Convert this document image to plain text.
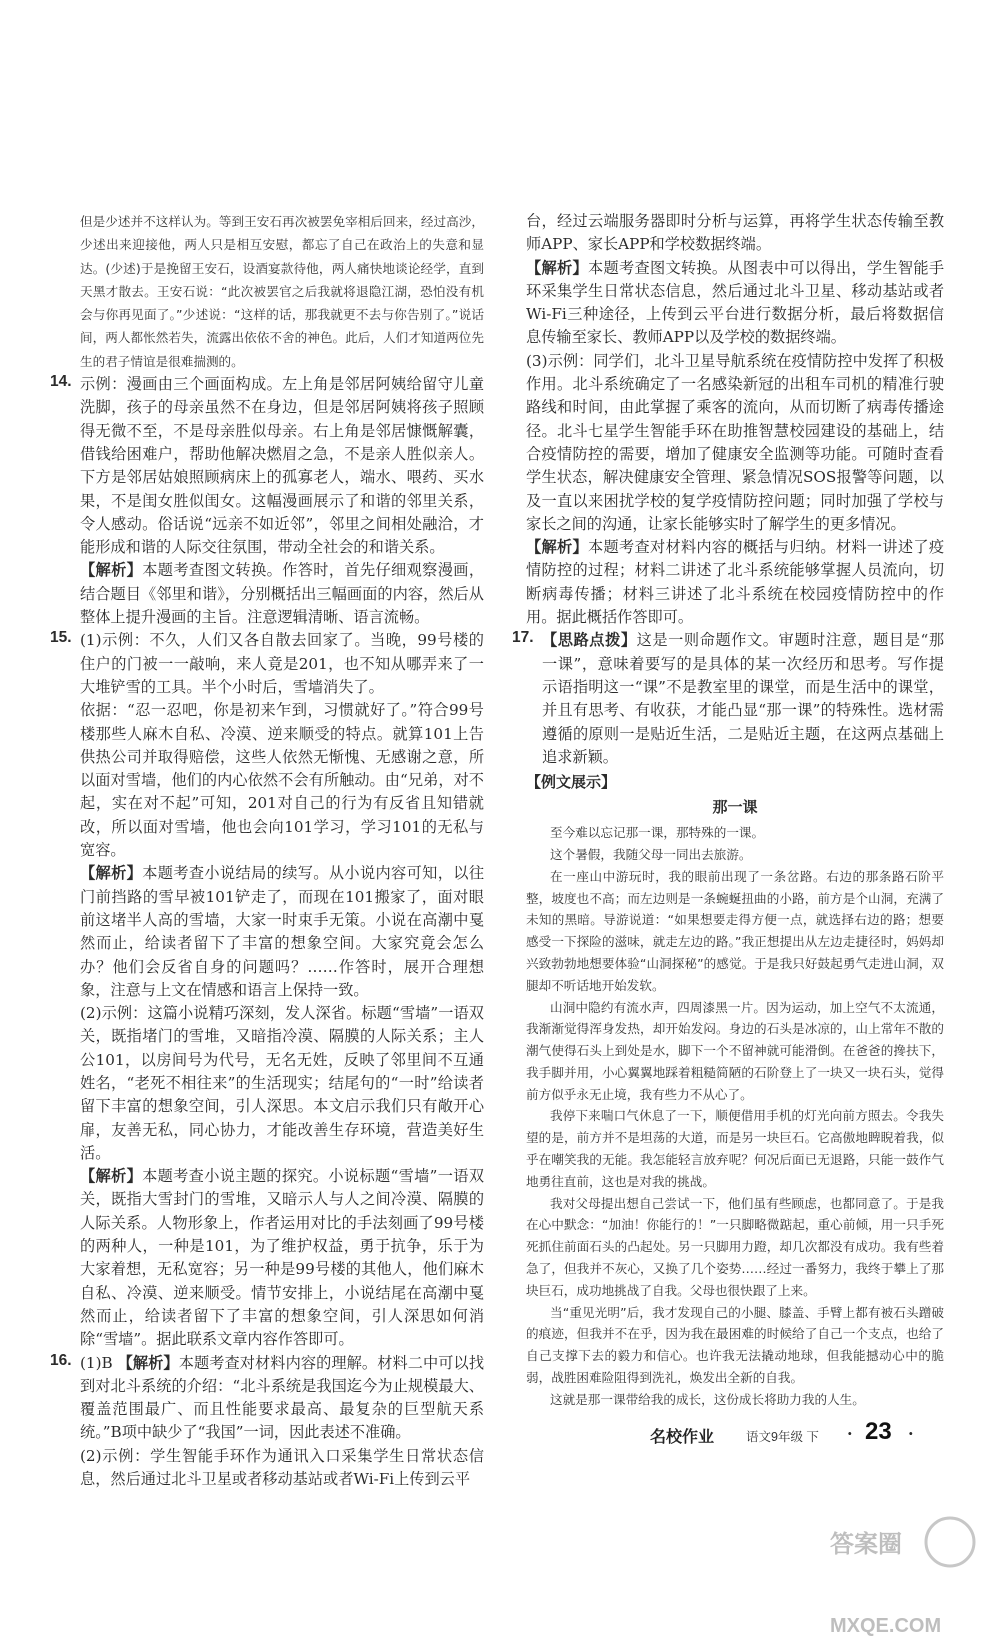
但是少述并不这样认为。等到王安石再次被罢免宰相后回来，经过高沙，少述出来迎接他，两人只是相互安慰，都忘了自己在政治上的失意和显达。(少述)于是挽留王安石，设酒宴款待他，两人痛快地谈论经学，直到天黑才散去。王安石说：“此次被罢官之后我就将退隐江湖，恐怕没有机会与你再见面了。”少述说：“这样的话，那我就更不去与你告别了。”说话间，两人都怅然若失，流露出依依不舍的神色。此后，人们才知道两位先生的君子情谊是很难揣测的。

14. 示例：漫画由三个画面构成。左上角是邻居阿姨给留守儿童洗脚，孩子的母亲虽然不在身边，但是邻居阿姨将孩子照顾得无微不至，不是母亲胜似母亲。右上角是邻居慷慨解囊，借钱给困难户，帮助他解决燃眉之急，不是亲人胜似亲人。下方是邻居姑娘照顾病床上的孤寡老人，端水、喂药、买水果，不是闺女胜似闺女。这幅漫画展示了和谐的邻里关系，令人感动。俗话说“远亲不如近邻”，邻里之间相处融洽，才能形成和谐的人际交往氛围，带动全社会的和谐关系。

【解析】本题考查图文转换。作答时，首先仔细观察漫画，结合题目《邻里和谐》，分别概括出三幅画面的内容，然后从整体上提升漫画的主旨。注意逻辑清晰、语言流畅。

15. (1)示例：不久，人们又各自散去回家了。当晚，99号楼的住户的门被一一敲响，来人竟是201，也不知从哪弄来了一大堆铲雪的工具。半个小时后，雪墙消失了。

依据：“忍一忍吧，你是初来乍到，习惯就好了。”符合99号楼那些人麻木自私、冷漠、逆来顺受的特点。就算101上告供热公司并取得赔偿，这些人依然无惭愧、无感谢之意，所以面对雪墙，他们的内心依然不会有所触动。由“兄弟，对不起，实在对不起”可知，201对自己的行为有反省且知错就改，所以面对雪墙，他也会向101学习，学习101的无私与宽容。

【解析】本题考查小说结局的续写。从小说内容可知，以往门前挡路的雪早被101铲走了，而现在101搬家了，面对眼前这堵半人高的雪墙，大家一时束手无策。小说在高潮中戛然而止，给读者留下了丰富的想象空间。大家究竟会怎么办？他们会反省自身的问题吗？……作答时，展开合理想象，注意与上文在情感和语言上保持一致。

(2)示例：这篇小说精巧深刻，发人深省。标题“雪墙”一语双关，既指堵门的雪堆，又暗指冷漠、隔膜的人际关系；主人公101，以房间号为代号，无名无姓，反映了邻里间不互通姓名，“老死不相往来”的生活现实；结尾句的“一时”给读者留下丰富的想象空间，引人深思。本文启示我们只有敞开心扉，友善无私，同心协力，才能改善生存环境，营造美好生活。

【解析】本题考查小说主题的探究。小说标题“雪墙”一语双关，既指大雪封门的雪堆，又暗示人与人之间冷漠、隔膜的人际关系。人物形象上，作者运用对比的手法刻画了99号楼的两种人，一种是101，为了维护权益，勇于抗争，乐于为大家着想，无私宽容；另一种是99号楼的其他人，他们麻木自私、冷漠、逆来顺受。情节安排上，小说结尾在高潮中戛然而止，给读者留下了丰富的想象空间，引人深思如何消除“雪墙”。据此联系文章内容作答即可。

16. (1)B 【解析】本题考查对材料内容的理解。材料二中可以找到对北斗系统的介绍：“北斗系统是我国迄今为止规模最大、覆盖范围最广、而且性能要求最高、最复杂的巨型航天系统。”B项中缺少了“我国”一词，因此表述不准确。

(2)示例：学生智能手环作为通讯入口采集学生日常状态信息，然后通过北斗卫星或者移动基站或者Wi-Fi上传到云平

台，经过云端服务器即时分析与运算，再将学生状态传输至教师APP、家长APP和学校数据终端。

【解析】本题考查图文转换。从图表中可以得出，学生智能手环采集学生日常状态信息，然后通过北斗卫星、移动基站或者Wi-Fi三种途径，上传到云平台进行数据分析，最后将数据信息传输至家长、教师APP以及学校的数据终端。

(3)示例：同学们，北斗卫星导航系统在疫情防控中发挥了积极作用。北斗系统确定了一名感染新冠的出租车司机的精准行驶路线和时间，由此掌握了乘客的流向，从而切断了病毒传播途径。北斗七星学生智能手环在助推智慧校园建设的基础上，结合疫情防控的需要，增加了健康安全监测等功能。可随时查看学生状态，解决健康安全管理、紧急情况SOS报警等问题，以及一直以来困扰学校的复学疫情防控问题；同时加强了学校与家长之间的沟通，让家长能够实时了解学生的更多情况。

【解析】本题考查对材料内容的概括与归纳。材料一讲述了疫情防控的过程；材料二讲述了北斗系统能够掌握人员流向，切断病毒传播；材料三讲述了北斗系统在校园疫情防控中的作用。据此概括作答即可。

17. 【思路点拨】这是一则命题作文。审题时注意，题目是“那一课”，意味着要写的是具体的某一次经历和思考。写作提示语指明这一“课”不是教室里的课堂，而是生活中的课堂，并且有思考、有收获，才能凸显“那一课”的特殊性。选材需遵循的原则一是贴近生活，二是贴近主题，在这两点基础上追求新颖。

【例文展示】
那一课

至今难以忘记那一课，那特殊的一课。

这个暑假，我随父母一同出去旅游。

在一座山中游玩时，我的眼前出现了一条岔路。右边的那条路石阶平整，坡度也不高；而左边则是一条蜿蜒扭曲的小路，前方是个山洞，充满了未知的黑暗。导游说道：“如果想要走得方便一点，就选择右边的路；想要感受一下探险的滋味，就走左边的路。”我正想提出从左边走捷径时，妈妈却兴致勃勃地想要体验“山洞探秘”的感觉。于是我只好鼓起勇气走进山洞，双腿却不听话地开始发软。

山洞中隐约有流水声，四周漆黑一片。因为运动，加上空气不太流通，我渐渐觉得浑身发热，却开始发闷。身边的石头是冰凉的，山上常年不散的潮气使得石头上到处是水，脚下一个不留神就可能滑倒。在爸爸的搀扶下，我手脚并用，小心翼翼地踩着粗糙简陋的石阶登上了一块又一块石头，觉得前方似乎永无止境，我有些力不从心了。

我停下来喘口气休息了一下，顺便借用手机的灯光向前方照去。令我失望的是，前方并不是坦荡的大道，而是另一块巨石。它高傲地睥睨着我，似乎在嘲笑我的无能。我怎能轻言放弃呢？何况后面已无退路，只能一鼓作气地勇往直前，这也是对我的挑战。

我对父母提出想自己尝试一下，他们虽有些顾虑，也都同意了。于是我在心中默念：“加油！你能行的！”一只脚略微踮起，重心前倾，用一只手死死抓住前面石头的凸起处。另一只脚用力蹬，却几次都没有成功。我有些着急了，但我并不灰心，又换了几个姿势……经过一番努力，我终于攀上了那块巨石，成功地挑战了自我。父母也很快跟了上来。

当“重见光明”后，我才发现自己的小腿、膝盖、手臂上都有被石头蹭破的痕迹，但我并不在乎，因为我在最困难的时候给了自己一个支点，也给了自己支撑下去的毅力和信心。也许我无法撬动地球，但我能撼动心中的脆弱，战胜困难险阻得到洗礼，焕发出全新的自我。

这就是那一课带给我的成长，这份成长将助力我的人生。

名校作业	语文9年级 下 · 23 ·
答案圈
MXQE.COM
